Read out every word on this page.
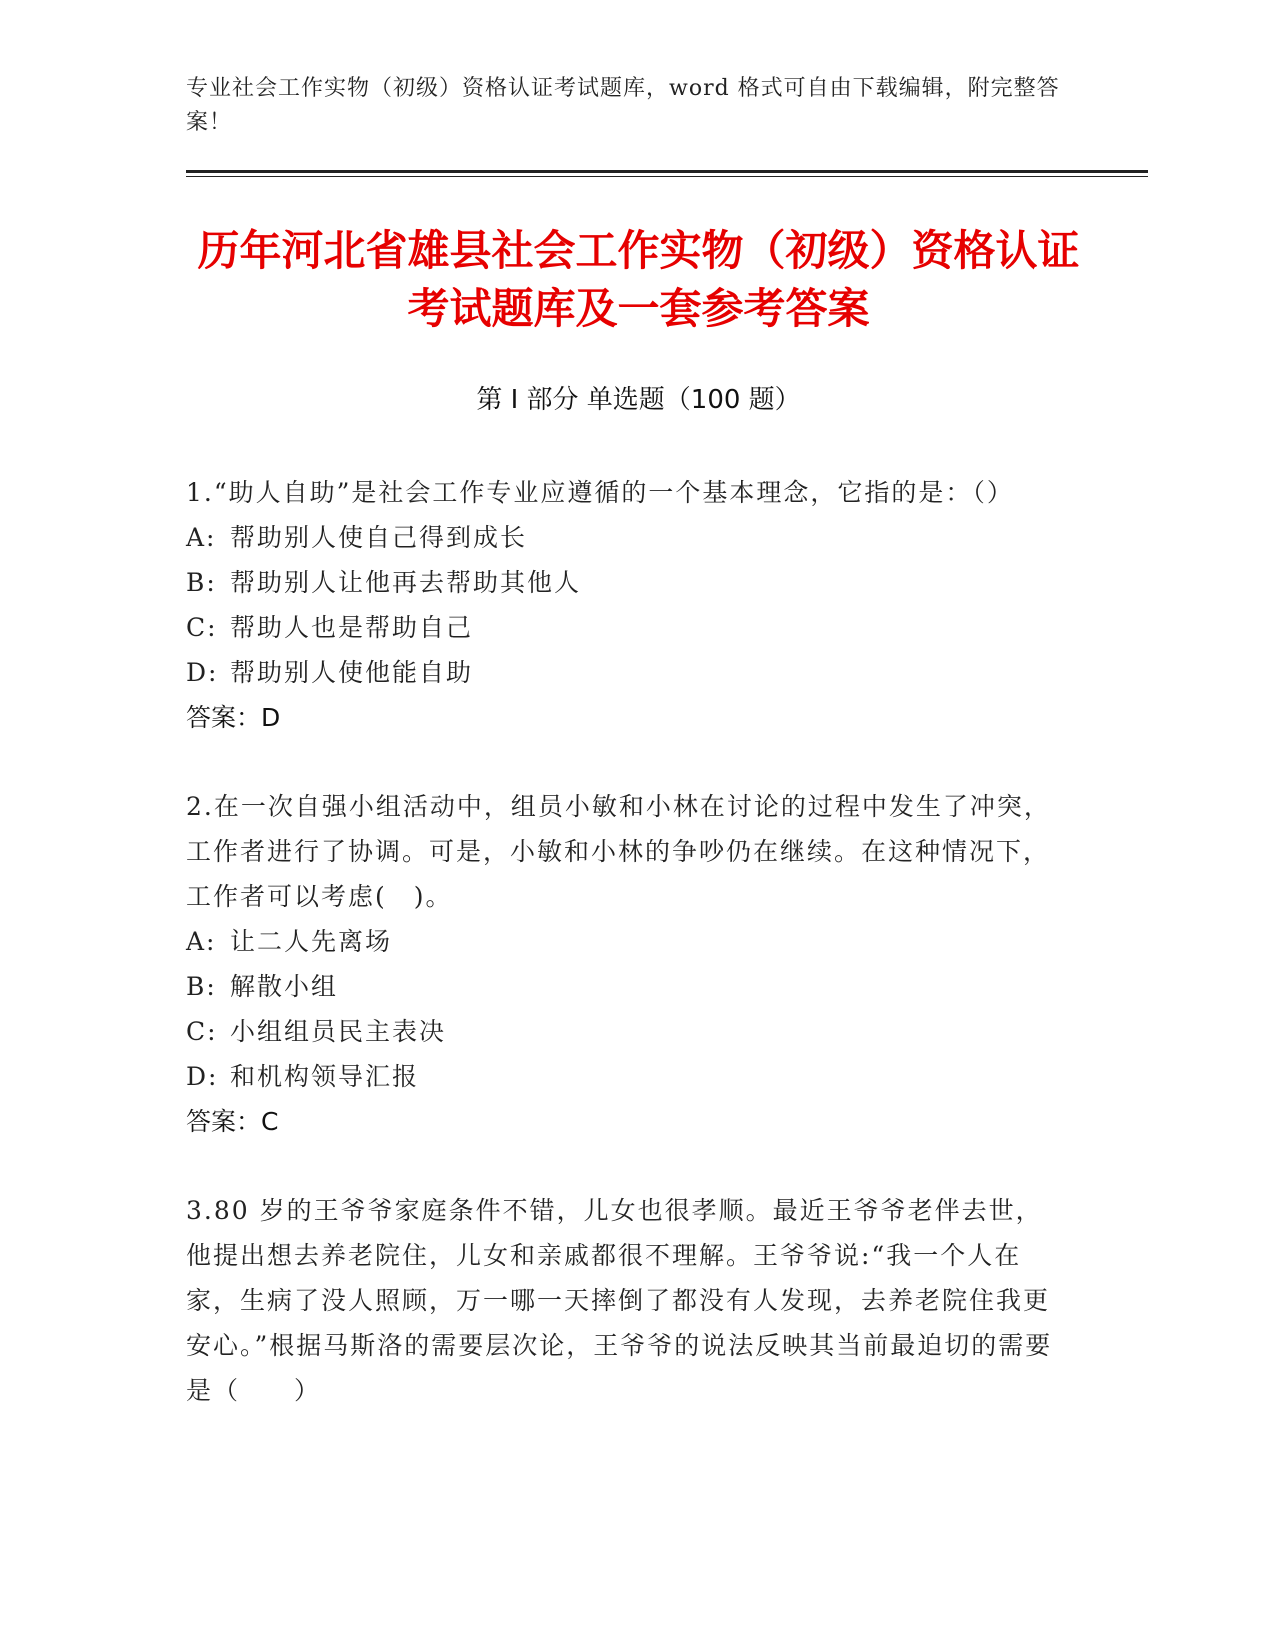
专业社会工作实物（初级）资格认证考试题库，word 格式可自由下载编辑，附完整答案！
历年河北省雄县社会工作实物（初级）资格认证考试题库及一套参考答案
第 I 部分 单选题（100 题）

1.“助人自助”是社会工作专业应遵循的一个基本理念，它指的是：（）

A: 帮助别人使自己得到成长

B: 帮助别人让他再去帮助其他人

C: 帮助人也是帮助自己

D: 帮助别人使他能自助

答案：D

2.在一次自强小组活动中，组员小敏和小林在讨论的过程中发生了冲突，工作者进行了协调。可是，小敏和小林的争吵仍在继续。在这种情况下，工作者可以考虑(　)。

A: 让二人先离场

B: 解散小组

C: 小组组员民主表决

D: 和机构领导汇报

答案：C

3.80 岁的王爷爷家庭条件不错，儿女也很孝顺。最近王爷爷老伴去世，他提出想去养老院住，儿女和亲戚都很不理解。王爷爷说:“我一个人在家，生病了没人照顾，万一哪一天摔倒了都没有人发现，去养老院住我更安心。”根据马斯洛的需要层次论，王爷爷的说法反映其当前最迫切的需要是（　　）
